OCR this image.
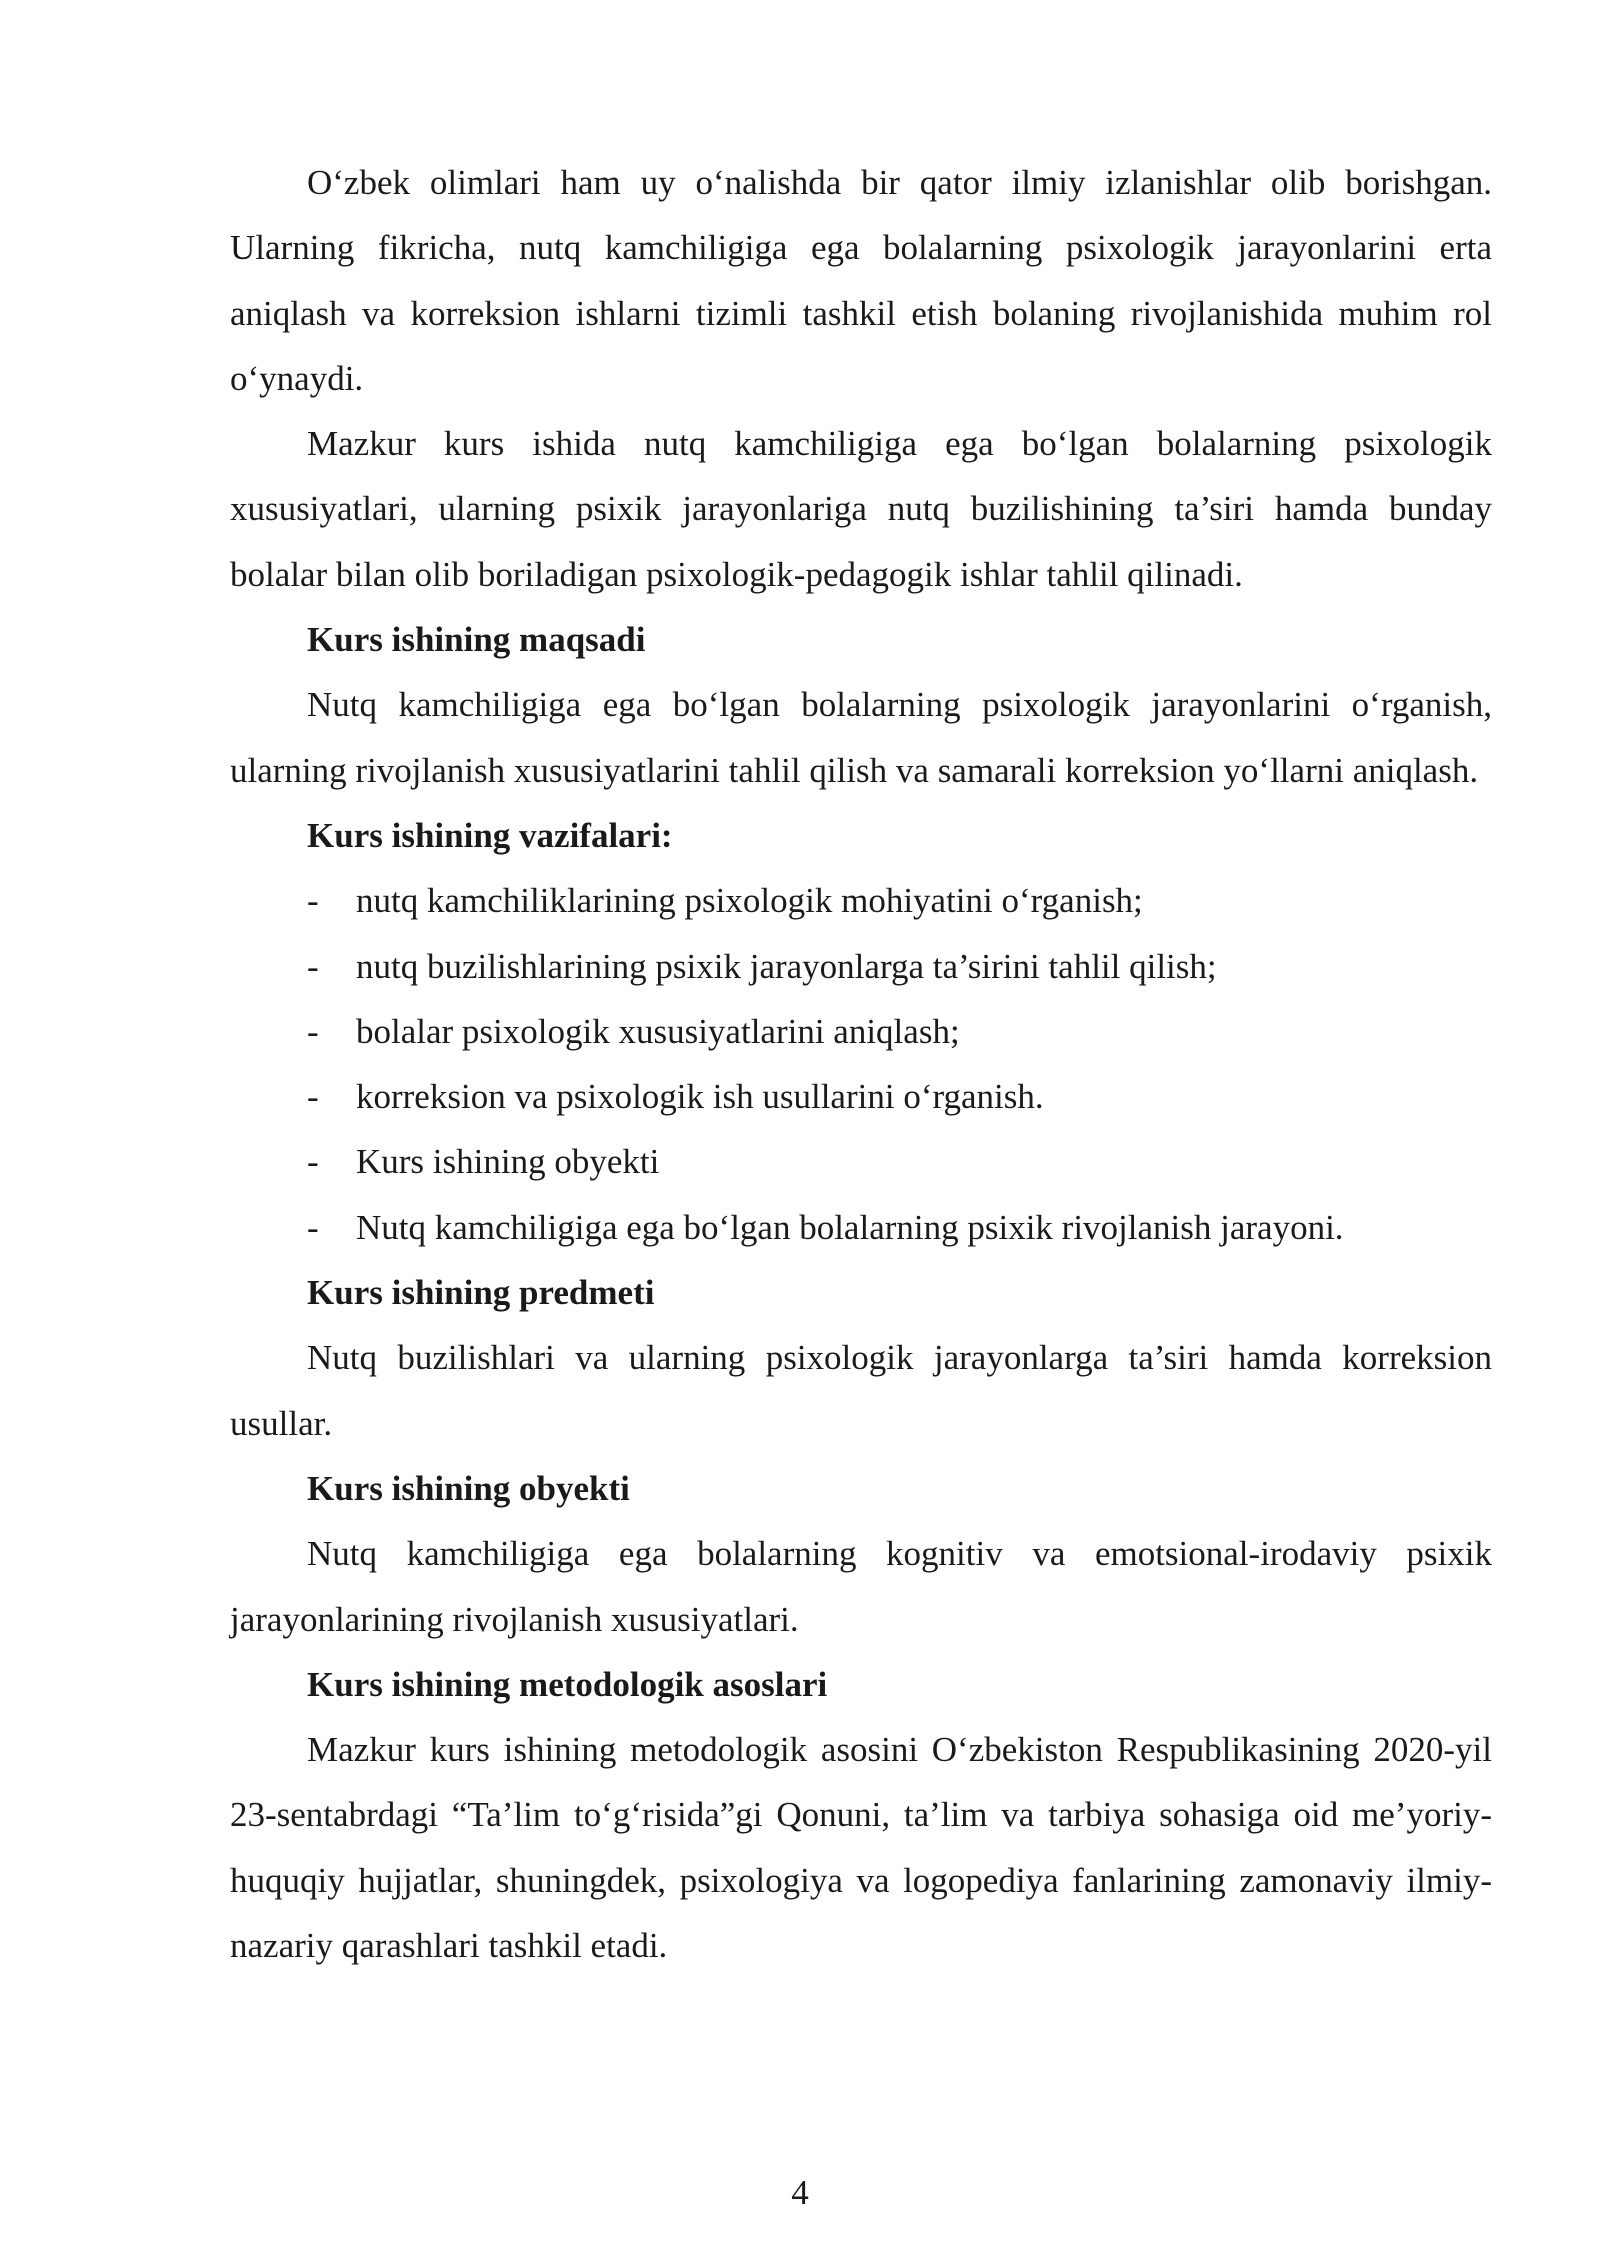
O‘zbek olimlari ham uy o‘nalishda bir qator ilmiy izlanishlar olib borishgan. Ularning fikricha, nutq kamchiligiga ega bolalarning psixologik jarayonlarini erta aniqlash va korreksion ishlarni tizimli tashkil etish bolaning rivojlanishida muhim rol o‘ynaydi.

Mazkur kurs ishida nutq kamchiligiga ega bo‘lgan bolalarning psixologik xususiyatlari, ularning psixik jarayonlariga nutq buzilishining ta’siri hamda bunday bolalar bilan olib boriladigan psixologik-pedagogik ishlar tahlil qilinadi.

Kurs ishining maqsadi

Nutq kamchiligiga ega bo‘lgan bolalarning psixologik jarayonlarini o‘rganish, ularning rivojlanish xususiyatlarini tahlil qilish va samarali korreksion yo‘llarni aniqlash.

Kurs ishining vazifalari:

- nutq kamchiliklarining psixologik mohiyatini o‘rganish;
- nutq buzilishlarining psixik jarayonlarga ta’sirini tahlil qilish;
- bolalar psixologik xususiyatlarini aniqlash;
- korreksion va psixologik ish usullarini o‘rganish.
- Kurs ishining obyekti
- Nutq kamchiligiga ega bo‘lgan bolalarning psixik rivojlanish jarayoni.

Kurs ishining predmeti

Nutq buzilishlari va ularning psixologik jarayonlarga ta’siri hamda korreksion usullar.

Kurs ishining obyekti

Nutq kamchiligiga ega bolalarning kognitiv va emotsional-irodaviy psixik jarayonlarining rivojlanish xususiyatlari.

Kurs ishining metodologik asoslari

Mazkur kurs ishining metodologik asosini O‘zbekiston Respublikasining 2020-yil 23-sentabrdagi “Ta’lim to‘g‘risida”gi Qonuni, ta’lim va tarbiya sohasiga oid me’yoriy-huquqiy hujjatlar, shuningdek, psixologiya va logopediya fanlarining zamonaviy ilmiy-nazariy qarashlari tashkil etadi.

4
